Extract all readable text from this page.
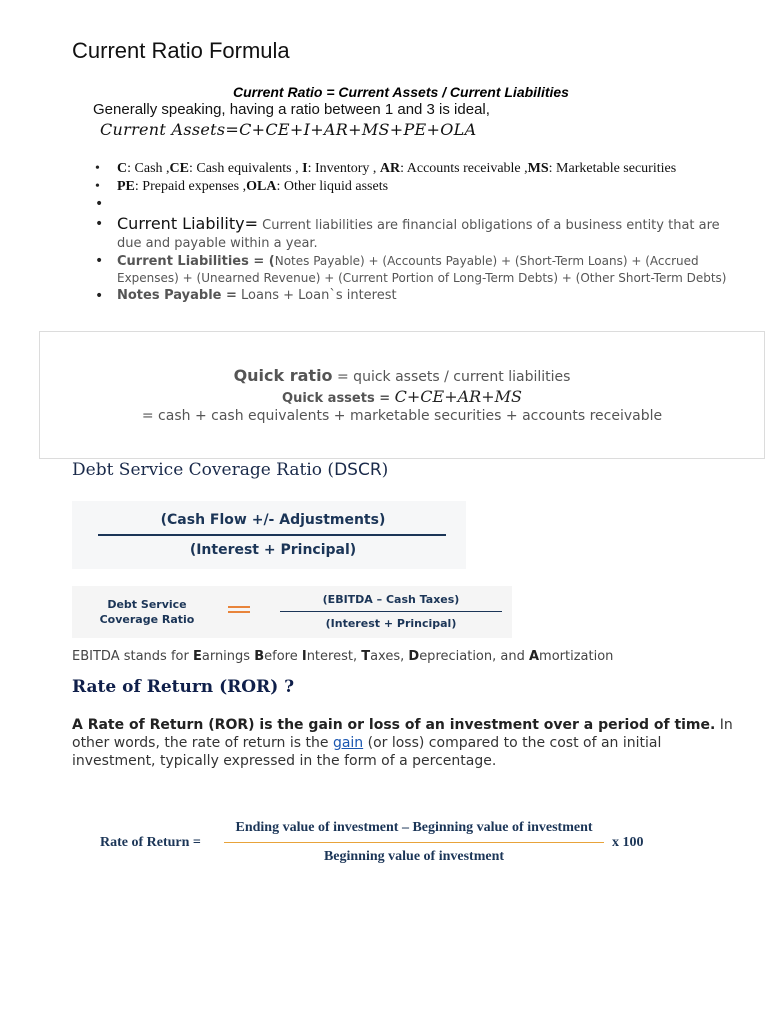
Current Ratio Formula
Current Ratio = Current Assets / Current Liabilities
Generally speaking, having a ratio between 1 and 3 is ideal,
Current Assets=C+CE+I+AR+MS+PE+OLA
• C: Cash ,CE: Cash equivalents , I: Inventory , AR: Accounts receivable ,MS: Marketable securities
• PE: Prepaid expenses ,OLA: Other liquid assets
•
• Current Liability= Current liabilities are financial obligations of a business entity that are due and payable within a year.
• Current Liabilities = (Notes Payable) + (Accounts Payable) + (Short-Term Loans) + (Accrued Expenses) + (Unearned Revenue) + (Current Portion of Long-Term Debts) + (Other Short-Term Debts)
• Notes Payable = Loans + Loan`s interest
Quick ratio = quick assets / current liabilities
Quick assets = C+CE+AR+MS
= cash + cash equivalents + marketable securities + accounts receivable
Debt Service Coverage Ratio (DSCR)
(Cash Flow +/- Adjustments)
(Interest + Principal)
Debt Service
Coverage Ratio
(EBITDA – Cash Taxes)
(Interest + Principal)
EBITDA stands for Earnings Before Interest, Taxes, Depreciation, and Amortization
Rate of Return (ROR) ?
A Rate of Return (ROR) is the gain or loss of an investment over a period of time. In other words, the rate of return is the gain (or loss) compared to the cost of an initial investment, typically expressed in the form of a percentage.
Rate of Return =
Ending value of investment – Beginning value of investment
Beginning value of investment
x 100
